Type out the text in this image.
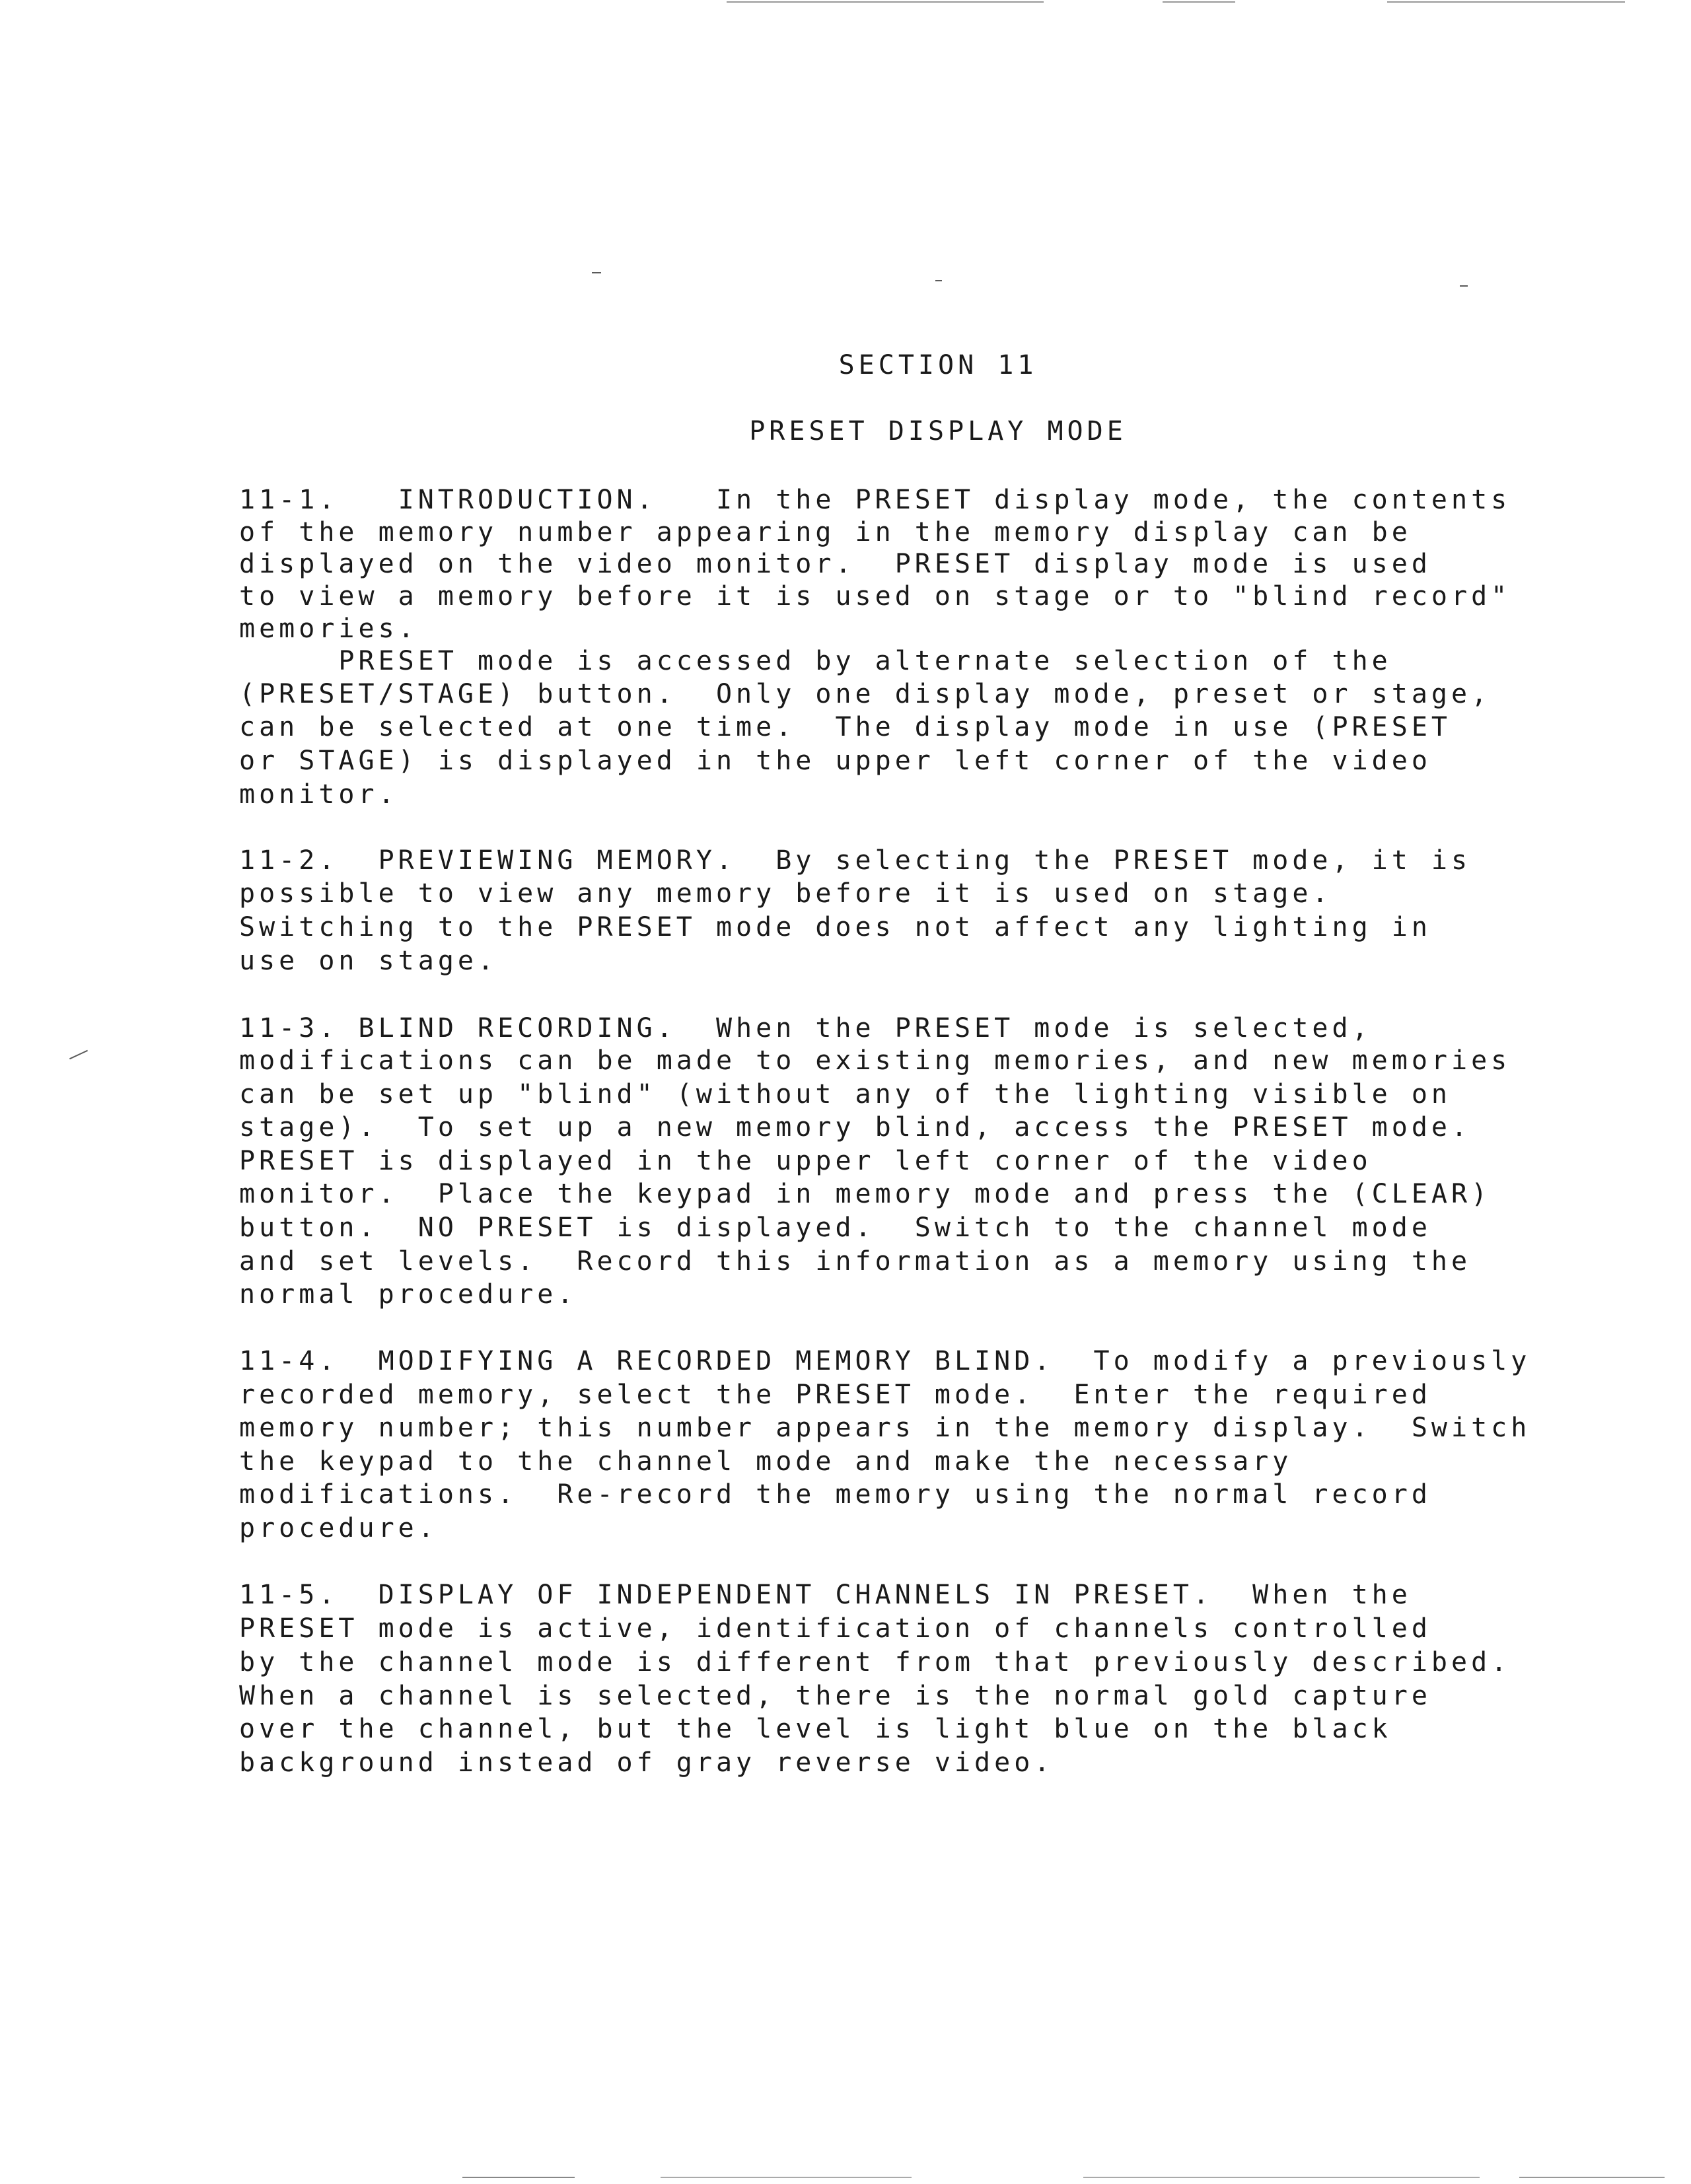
SECTION 11
PRESET DISPLAY MODE
11-1.   INTRODUCTION.   In the PRESET display mode, the contents
of the memory number appearing in the memory display can be
displayed on the video monitor.  PRESET display mode is used
to view a memory before it is used on stage or to "blind record"
memories.
PRESET mode is accessed by alternate selection of the
(PRESET/STAGE) button.  Only one display mode, preset or stage,
can be selected at one time.  The display mode in use (PRESET
or STAGE) is displayed in the upper left corner of the video
monitor.
11-2.  PREVIEWING MEMORY.  By selecting the PRESET mode, it is
possible to view any memory before it is used on stage.
Switching to the PRESET mode does not affect any lighting in
use on stage.
11-3. BLIND RECORDING.  When the PRESET mode is selected,
modifications can be made to existing memories, and new memories
can be set up "blind" (without any of the lighting visible on
stage).  To set up a new memory blind, access the PRESET mode.
PRESET is displayed in the upper left corner of the video
monitor.  Place the keypad in memory mode and press the (CLEAR)
button.  NO PRESET is displayed.  Switch to the channel mode
and set levels.  Record this information as a memory using the
normal procedure.
11-4.  MODIFYING A RECORDED MEMORY BLIND.  To modify a previously
recorded memory, select the PRESET mode.  Enter the required
memory number; this number appears in the memory display.  Switch
the keypad to the channel mode and make the necessary
modifications.  Re-record the memory using the normal record
procedure.
11-5.  DISPLAY OF INDEPENDENT CHANNELS IN PRESET.  When the
PRESET mode is active, identification of channels controlled
by the channel mode is different from that previously described.
When a channel is selected, there is the normal gold capture
over the channel, but the level is light blue on the black
background instead of gray reverse video.
